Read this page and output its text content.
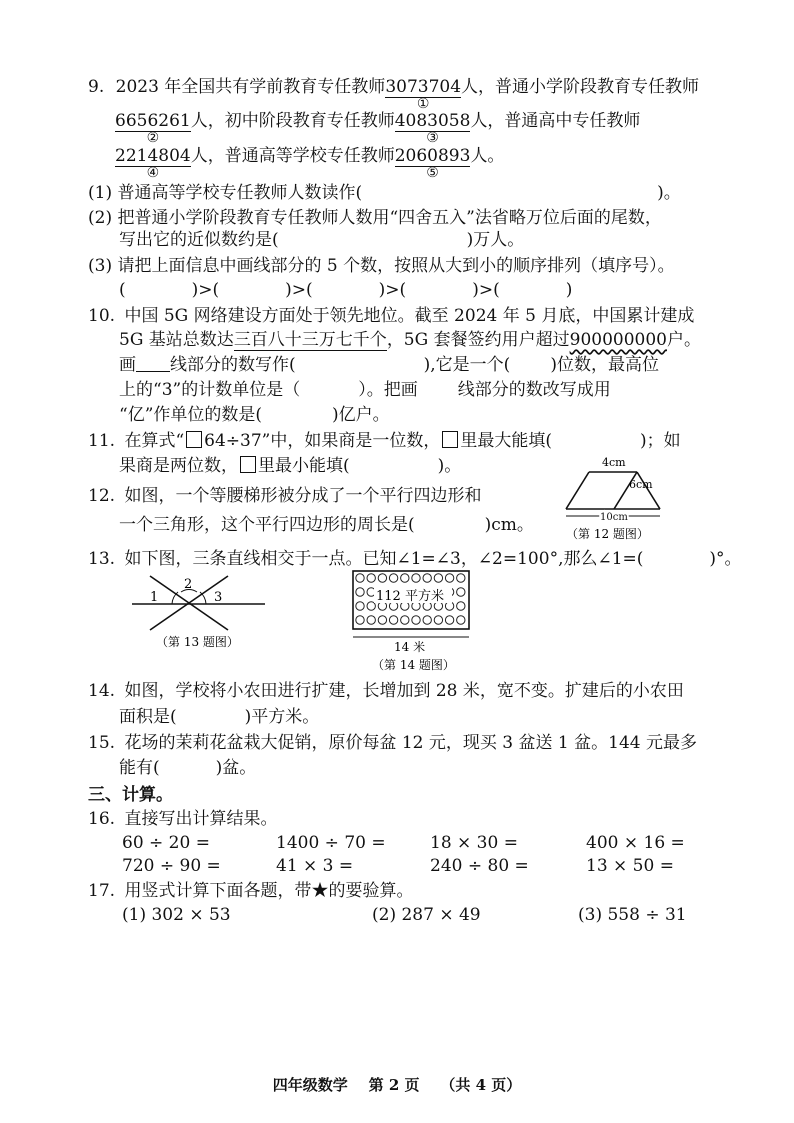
9. 2023 年全国共有学前教育专任教师3073704
①
人，普通小学阶段教育专任教师
6656261
②
人，初中阶段教育专任教师4083058
③
人，普通高中专任教师
2214804
④
人，普通高等学校专任教师2060893
⑤
人。
(1) 普通高等学校专任教师人数读作(	)。
(2) 把普通小学阶段教育专任教师人数用“四舍五入”法省略万位后面的尾数，
写出它的近似数约是(	)万人。
(3) 请把上面信息中画线部分的 5 个数，按照从大到小的顺序排列（填序号）。
(	)>(	)>(	)>(	)>(	)
10. 中国 5G 网络建设方面处于领先地位。截至 2024 年 5 月底，中国累计建成
5G 基站总数达三百八十三万七千个，5G 套餐签约用户超过900000000户。
画 线部分的数写作(	),它是一个( )位数，最高位
上的“3”的计数单位是（	）。把画 线部分的数改写成用
“亿”作单位的数是(	)亿户。
11. 在算式“ 64÷37”中，如果商是一位数， 里最大能填(	)；如
果商是两位数， 里最小能填(	)。
12. 如图，一个等腰梯形被分成了一个平行四边形和
一个三角形，这个平行四边形的周长是(	)cm。
4cm
6cm
10cm
（第 12 题图）
13. 如下图，三条直线相交于一点。已知∠1=∠3，∠2=100°,那么∠1=(	)°。
1
2
3
（第 13 题图）
112 平方米
14 米
（第 14 题图）
14. 如图，学校将小农田进行扩建，长增加到 28 米，宽不变。扩建后的小农田
面积是(	)平方米。
15. 花场的茉莉花盆栽大促销，原价每盆 12 元，现买 3 盆送 1 盆。144 元最多
能有(	)盆。
三、计算。
16. 直接写出计算结果。
60 ÷ 20 =	1400 ÷ 70 =	18 × 30 =	400 × 16 =
720 ÷ 90 =	41 × 3 =	240 ÷ 80 =	13 × 50 =
17. 用竖式计算下面各题，带★的要验算。
(1) 302 × 53	(2) 287 × 49	(3) 558 ÷ 31
四年级数学    第 2 页    （共 4 页）
